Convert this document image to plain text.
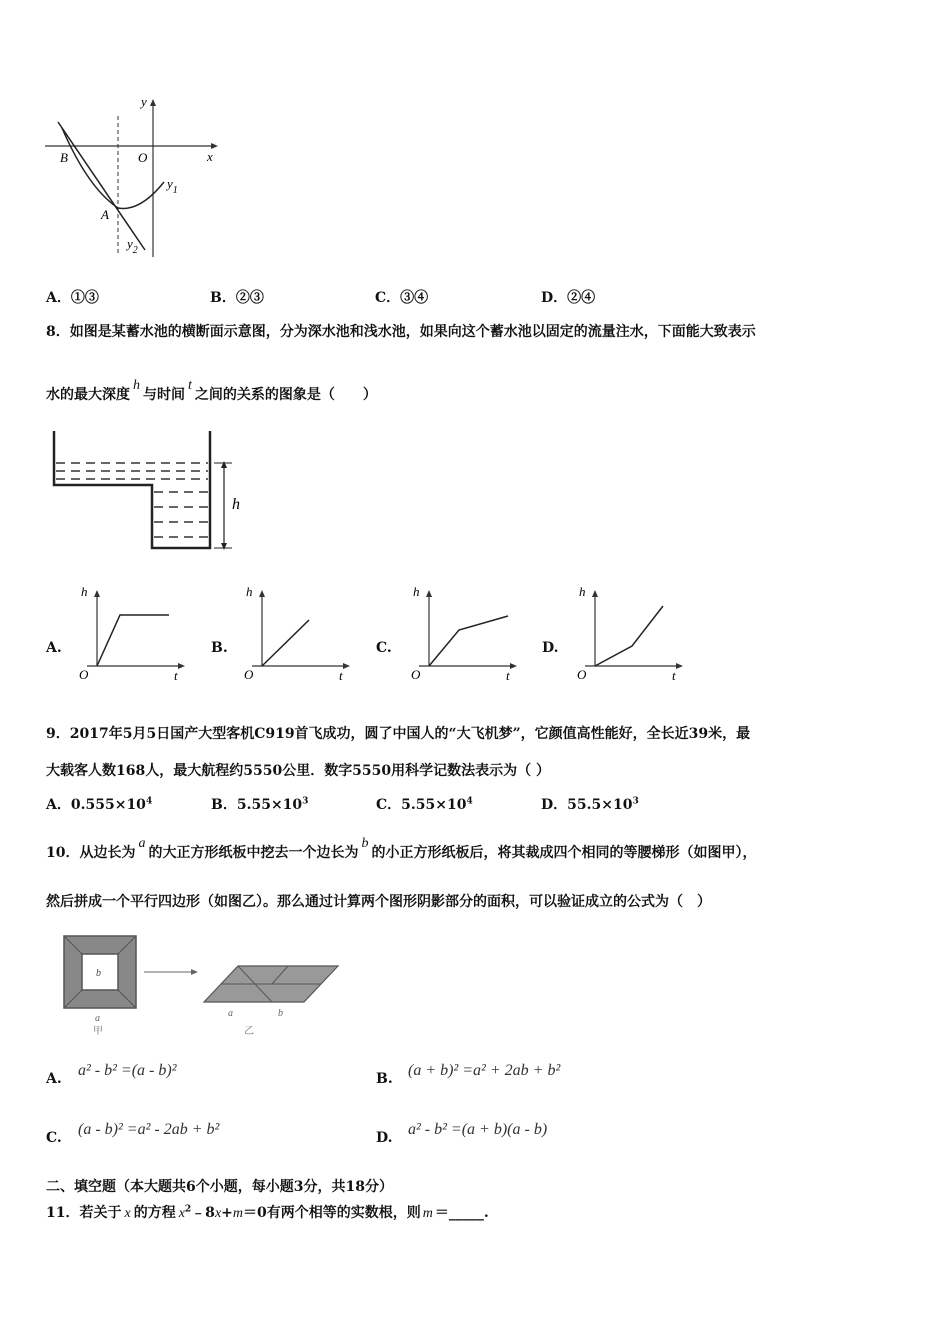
y
x
O
B
A
$y_1$
$y_2$
A．①③	B．②③	C．③④	D．②④
8．如图是某蓄水池的横断面示意图，分为深水池和浅水池，如果向这个蓄水池以固定的流量注水，下面能大致表示
水的最大深度h与时间t之间的关系的图象是（　　）
h
A.
h
O	t
B.
h
O	t
C.
h
O	t
D.
h
O	t
9．2017年5月5日国产大型客机C919首飞成功，圆了中国人的“大飞机梦”，它颜值高性能好，全长近39米，最
大载客人数168人，最大航程约5550公里．数字5550用科学记数法表示为（ ）
A．$0.555\times 10^4$	B．$5.55\times 10^3$	C．$5.55\times 10^4$	D．$55.5\times 10^3$
10．从边长为a的大正方形纸板中挖去一个边长为b的小正方形纸板后，将其裁成四个相同的等腰梯形（如图甲），
然后拼成一个平行四边形（如图乙）。那么通过计算两个图形阴影部分的面积，可以验证成立的公式为（　）
b
a
甲
a	b
乙
A. a² - b² =(a - b)²	B. (a + b)² =a² + 2ab + b²
C. (a - b)² =a² - 2ab + b²	D. a² - b² =(a + b)(a - b)
二、填空题（本大题共6个小题，每小题3分，共18分）
11．若关于 x 的方程 $x^2﹣8x+m=0$有两个相等的实数根，则 m ＝_____.
